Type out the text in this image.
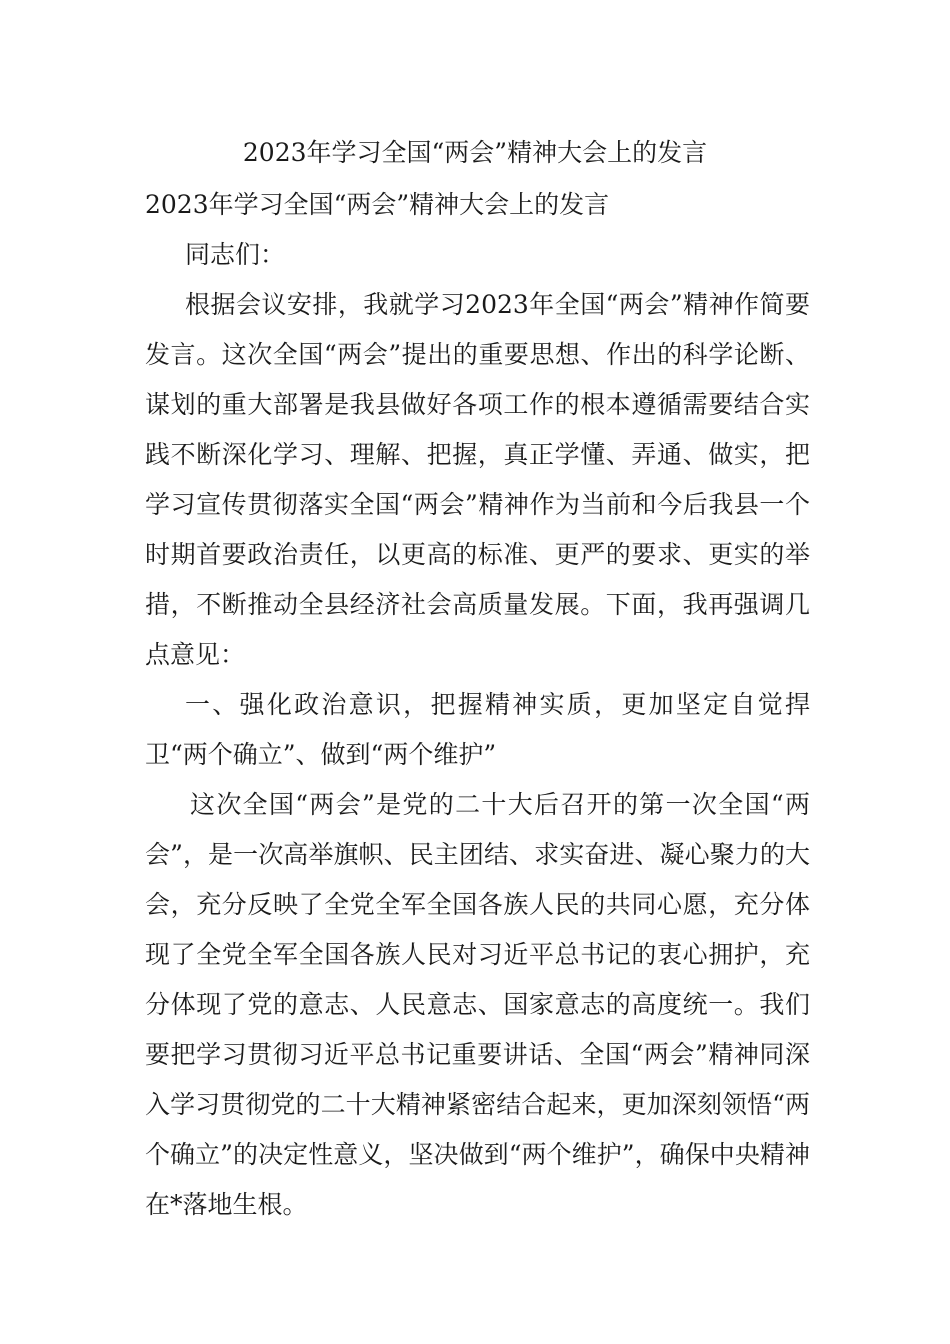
2023年学习全国“两会”精神大会上的发言

2023年学习全国“两会”精神大会上的发言

同志们：

根据会议安排，我就学习2023年全国“两会”精神作简要发言。这次全国“两会”提出的重要思想、作出的科学论断、谋划的重大部署是我县做好各项工作的根本遵循需要结合实践不断深化学习、理解、把握，真正学懂、弄通、做实，把学习宣传贯彻落实全国“两会”精神作为当前和今后我县一个时期首要政治责任，以更高的标准、更严的要求、更实的举措，不断推动全县经济社会高质量发展。下面，我再强调几点意见：

一、强化政治意识，把握精神实质，更加坚定自觉捍卫“两个确立”、做到“两个维护”

这次全国“两会”是党的二十大后召开的第一次全国“两会”，是一次高举旗帜、民主团结、求实奋进、凝心聚力的大会，充分反映了全党全军全国各族人民的共同心愿，充分体现了全党全军全国各族人民对习近平总书记的衷心拥护，充分体现了党的意志、人民意志、国家意志的高度统一。我们要把学习贯彻习近平总书记重要讲话、全国“两会”精神同深入学习贯彻党的二十大精神紧密结合起来，更加深刻领悟“两个确立”的决定性意义，坚决做到“两个维护”，确保中央精神在*落地生根。
